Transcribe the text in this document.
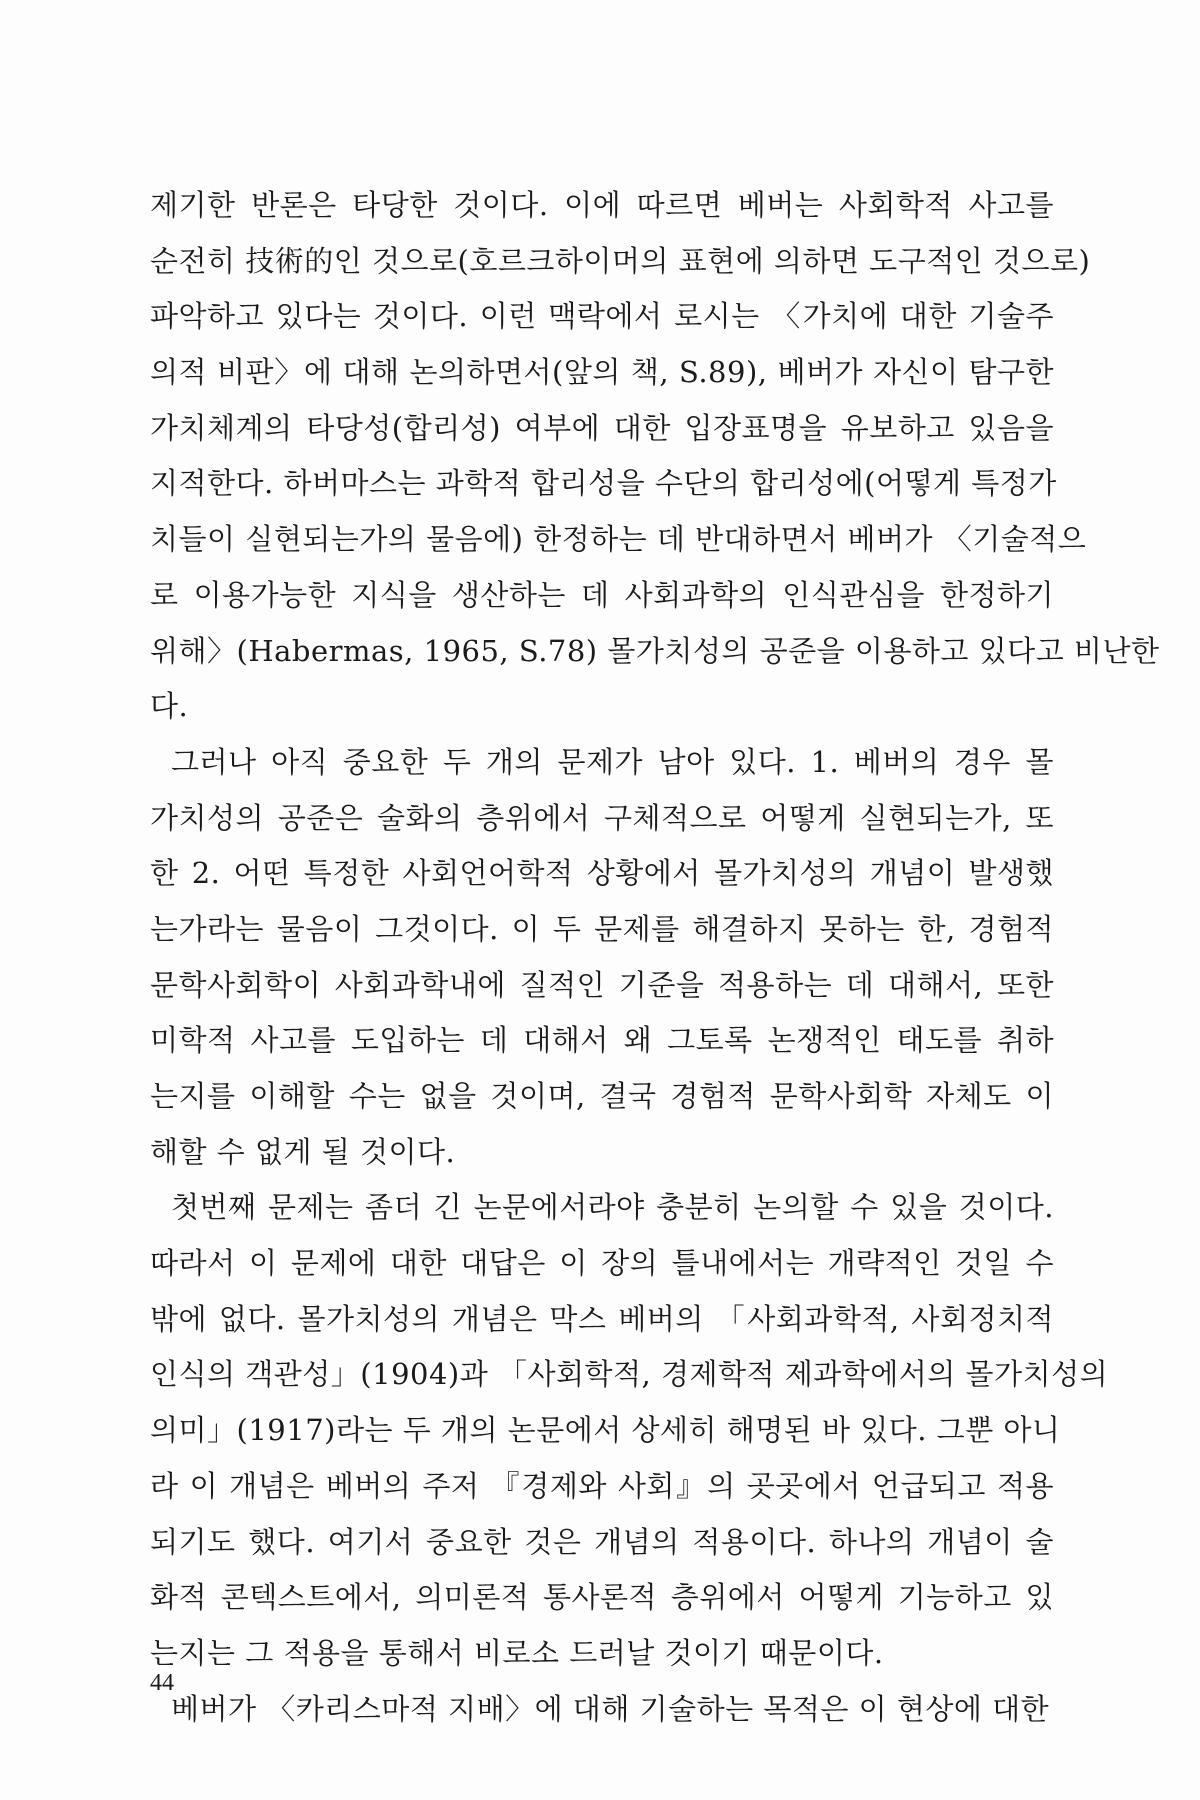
제기한 반론은 타당한 것이다. 이에 따르면 베버는 사회학적 사고를
순전히 技術的인 것으로(호르크하이머의 표현에 의하면 도구적인 것으로)
파악하고 있다는 것이다. 이런 맥락에서 로시는 〈가치에 대한 기술주
의적 비판〉에 대해 논의하면서(앞의 책, S.89), 베버가 자신이 탐구한
가치체계의 타당성(합리성) 여부에 대한 입장표명을 유보하고 있음을
지적한다. 하버마스는 과학적 합리성을 수단의 합리성에(어떻게 특정가
치들이 실현되는가의 물음에) 한정하는 데 반대하면서 베버가 〈기술적으
로 이용가능한 지식을 생산하는 데 사회과학의 인식관심을 한정하기
위해〉(Habermas, 1965, S.78) 몰가치성의 공준을 이용하고 있다고 비난한
다.
그러나 아직 중요한 두 개의 문제가 남아 있다. 1. 베버의 경우 몰
가치성의 공준은 술화의 층위에서 구체적으로 어떻게 실현되는가, 또
한 2. 어떤 특정한 사회언어학적 상황에서 몰가치성의 개념이 발생했
는가라는 물음이 그것이다. 이 두 문제를 해결하지 못하는 한, 경험적
문학사회학이 사회과학내에 질적인 기준을 적용하는 데 대해서, 또한
미학적 사고를 도입하는 데 대해서 왜 그토록 논쟁적인 태도를 취하
는지를 이해할 수는 없을 것이며, 결국 경험적 문학사회학 자체도 이
해할 수 없게 될 것이다.
첫번째 문제는 좀더 긴 논문에서라야 충분히 논의할 수 있을 것이다.
따라서 이 문제에 대한 대답은 이 장의 틀내에서는 개략적인 것일 수
밖에 없다. 몰가치성의 개념은 막스 베버의 「사회과학적, 사회정치적
인식의 객관성」(1904)과 「사회학적, 경제학적 제과학에서의 몰가치성의
의미」(1917)라는 두 개의 논문에서 상세히 해명된 바 있다. 그뿐 아니
라 이 개념은 베버의 주저 『경제와 사회』의 곳곳에서 언급되고 적용
되기도 했다. 여기서 중요한 것은 개념의 적용이다. 하나의 개념이 술
화적 콘텍스트에서, 의미론적 통사론적 층위에서 어떻게 기능하고 있
는지는 그 적용을 통해서 비로소 드러날 것이기 때문이다.
베버가 〈카리스마적 지배〉에 대해 기술하는 목적은 이 현상에 대한
44
